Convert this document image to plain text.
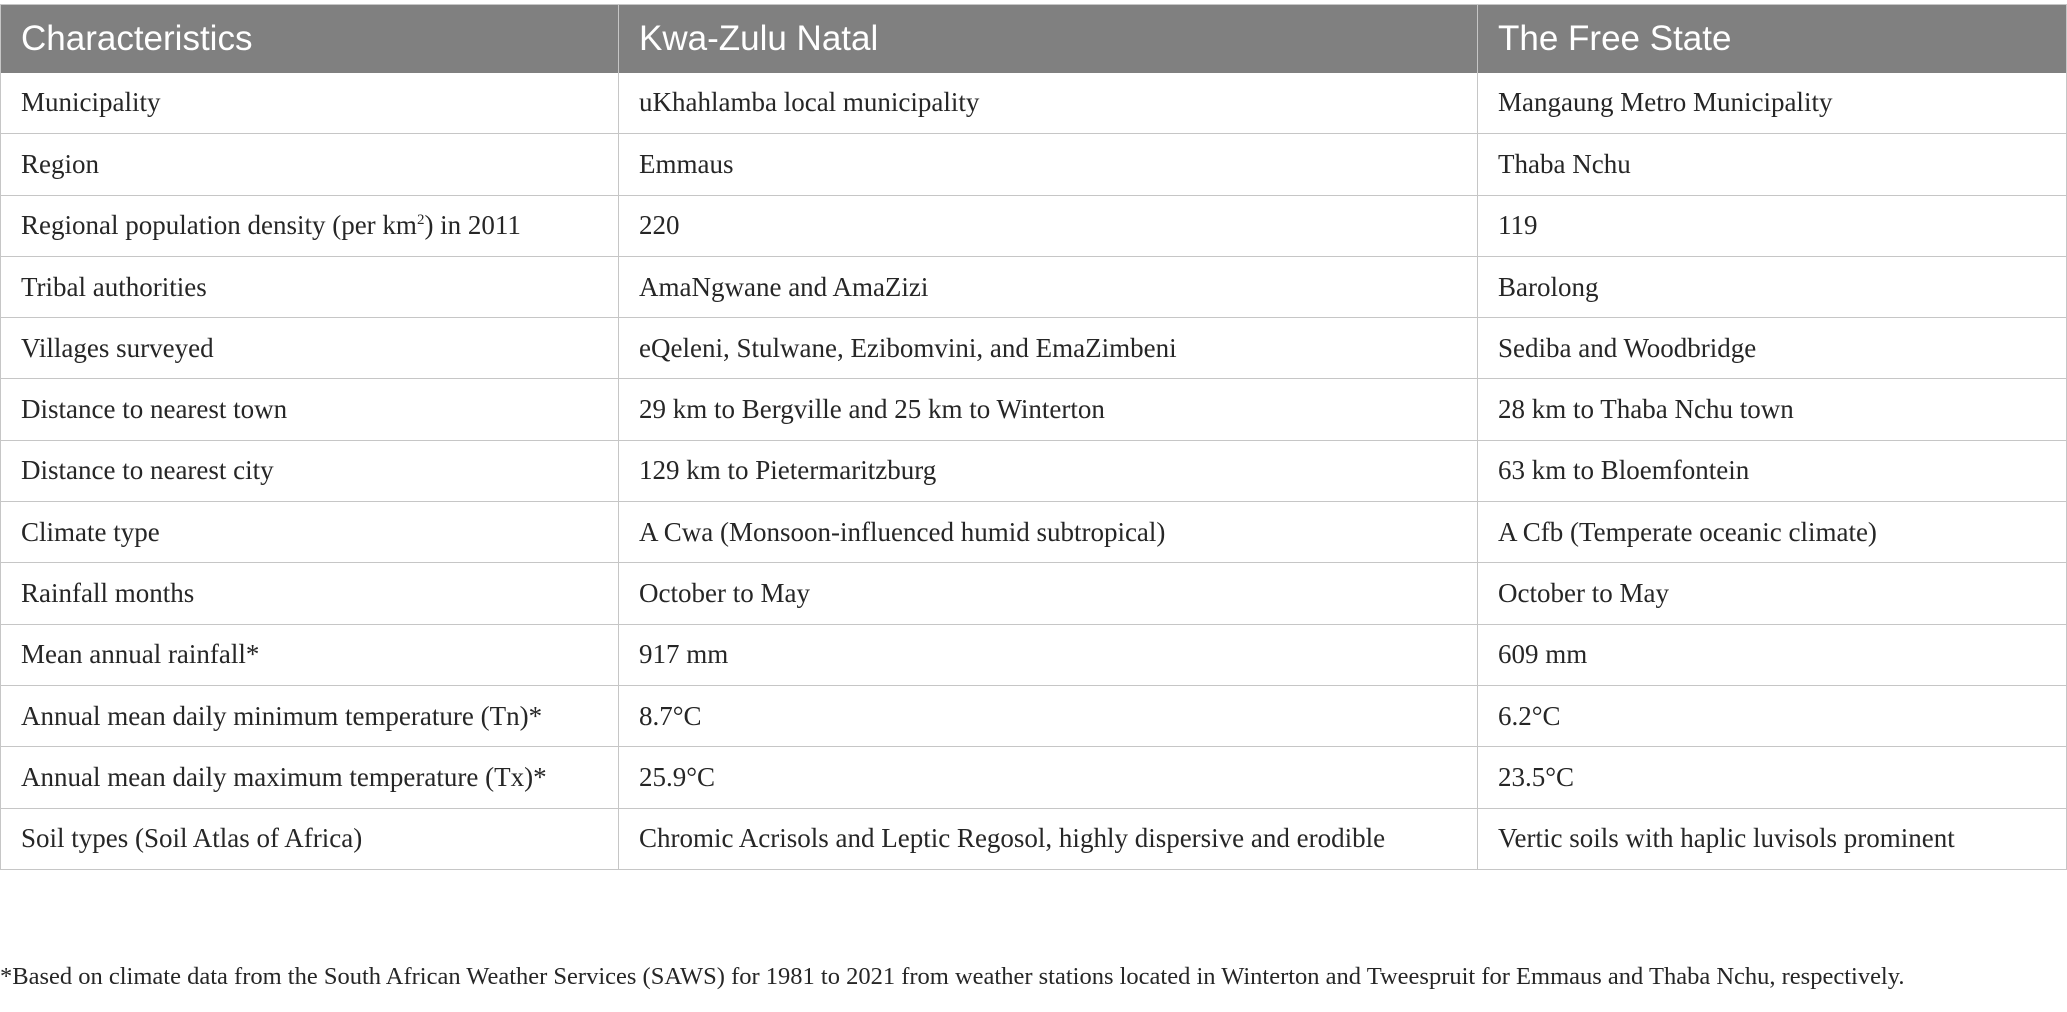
Characteristics	Kwa-Zulu Natal	The Free State
Municipality	uKhahlamba local municipality	Mangaung Metro Municipality
Region	Emmaus	Thaba Nchu
Regional population density (per $km^2$) in 2011	220	119
Tribal authorities	AmaNgwane and AmaZizi	Barolong
Villages surveyed	eQeleni, Stulwane, Ezibomvini, and EmaZimbeni	Sediba and Woodbridge
Distance to nearest town	29 km to Bergville and 25 km to Winterton	28 km to Thaba Nchu town
Distance to nearest city	129 km to Pietermaritzburg	63 km to Bloemfontein
Climate type	A Cwa (Monsoon-influenced humid subtropical)	A Cfb (Temperate oceanic climate)
Rainfall months	October to May	October to May
Mean annual rainfall*	917 mm	609 mm
Annual mean daily minimum temperature (Tn)*	8.7°C	6.2°C
Annual mean daily maximum temperature (Tx)*	25.9°C	23.5°C
Soil types (Soil Atlas of Africa)	Chromic Acrisols and Leptic Regosol, highly dispersive and erodible	Vertic soils with haplic luvisols prominent

*Based on climate data from the South African Weather Services (SAWS) for 1981 to 2021 from weather stations located in Winterton and Tweespruit for Emmaus and Thaba Nchu, respectively.
